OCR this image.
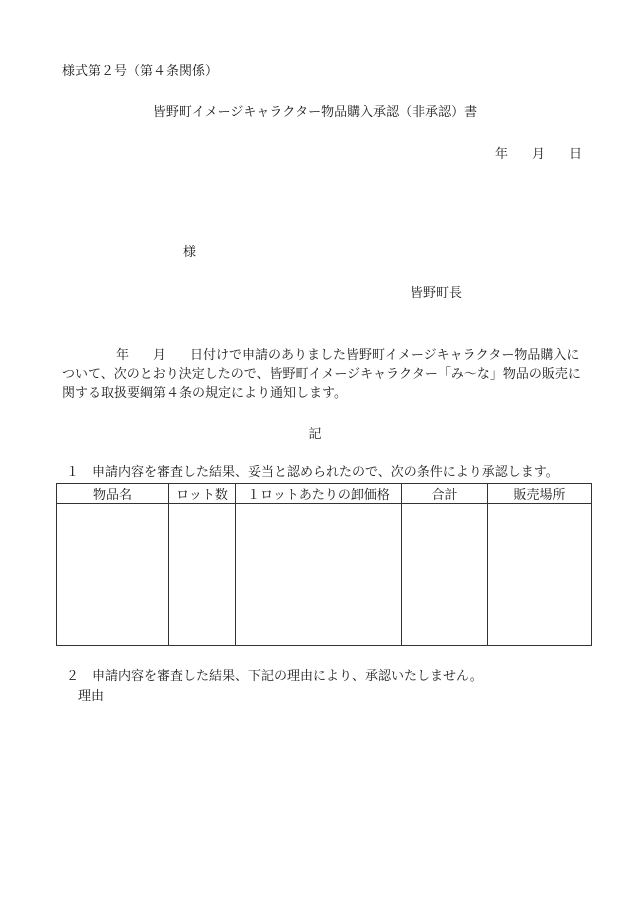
様式第２号（第４条関係）
皆野町イメージキャラクター物品購入承認（非承認）書
年 月 日
様
皆野町長
年 月 日付けで申請のありました皆野町イメージキャラクター物品購入について、次のとおり決定したので、皆野町イメージキャラクター「み〜な」物品の販売に関する取扱要綱第４条の規定により通知します。
記
１　申請内容を審査した結果、妥当と認められたので、次の条件により承認します。
物品名	ロット数	１ロットあたりの卸価格	合計	販売場所

２　申請内容を審査した結果、下記の理由により、承認いたしません。
理由
